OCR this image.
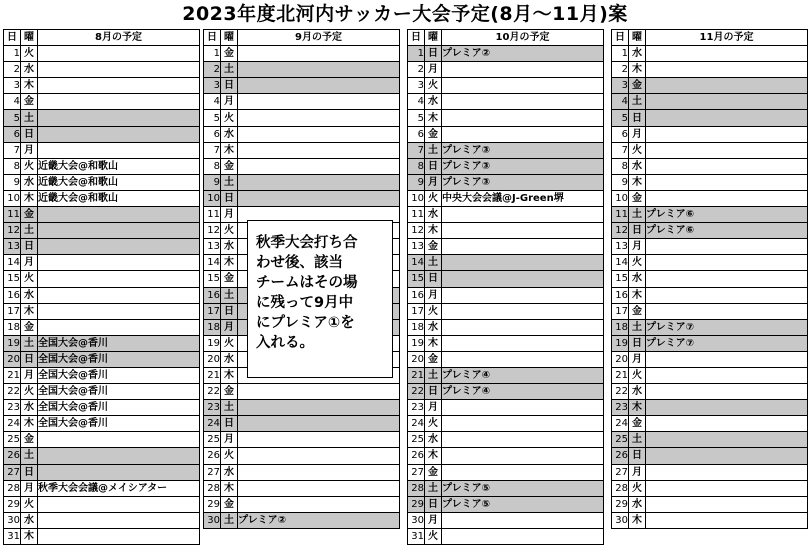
2023年度北河内サッカー大会予定(8月～11月)案
日	曜	8月の予定
1	火	
2	水	
3	木	
4	金	
5	土	
6	日	
7	月	
8	火	近畿大会@和歌山
9	水	近畿大会@和歌山
10	木	近畿大会@和歌山
11	金	
12	土	
13	日	
14	月	
15	火	
16	水	
17	木	
18	金	
19	土	全国大会@香川
20	日	全国大会@香川
21	月	全国大会@香川
22	火	全国大会@香川
23	水	全国大会@香川
24	木	全国大会@香川
25	金	
26	土	
27	日	
28	月	秋季大会会議@メイシアター
29	火	
30	水	
31	木	
日	曜	9月の予定
1	金	
2	土	
3	日	
4	月	
5	火	
6	水	
7	木	
8	金	
9	土	
10	日	
11	月	
12	火	
13	水	
14	木	
15	金	
16	土	
17	日	
18	月	
19	火	
20	水	
21	木	
22	金	
23	土	
24	日	
25	月	
26	火	
27	水	
28	木	
29	金	
30	土	プレミア②
日	曜	10月の予定
1	日	プレミア②
2	月	
3	火	
4	水	
5	木	
6	金	
7	土	プレミア③
8	日	プレミア③
9	月	プレミア③
10	火	中央大会会議@J-Green堺
11	水	
12	木	
13	金	
14	土	
15	日	
16	月	
17	火	
18	水	
19	木	
20	金	
21	土	プレミア④
22	日	プレミア④
23	月	
24	火	
25	水	
26	木	
27	金	
28	土	プレミア⑤
29	日	プレミア⑤
30	月	
31	火	
日	曜	11月の予定
1	水	
2	木	
3	金	
4	土	
5	日	
6	月	
7	火	
8	水	
9	木	
10	金	
11	土	プレミア⑥
12	日	プレミア⑥
13	月	
14	火	
15	水	
16	木	
17	金	
18	土	プレミア⑦
19	日	プレミア⑦
20	月	
21	火	
22	水	
23	木	
24	金	
25	土	
26	日	
27	月	
28	火	
29	水	
30	木	
秋季大会打ち合
わせ後、該当
チームはその場
に残って9月中
にプレミア①を
入れる。
